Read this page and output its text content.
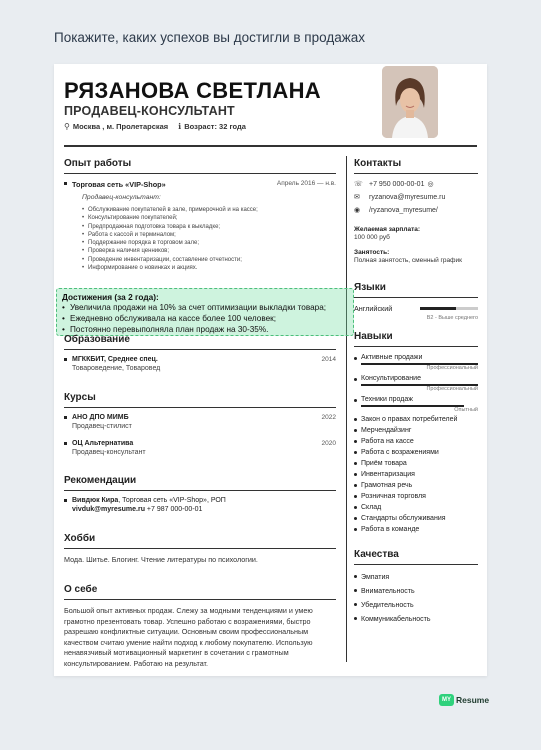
Покажите, каких успехов вы достигли в продажах
РЯЗАНОВА СВЕТЛАНА
ПРОДАВЕЦ-КОНСУЛЬТАНТ
⚲ Москва , м. Пролетарская ℹ Возраст: 32 года
Опыт работы
Торговая сеть «VIP-Shop»	Апрель 2016 — н.в.
Продавец-консультант:
• Обслуживание покупателей в зале, примерочной и на кассе;
• Консультирование покупателей;
• Предпродажная подготовка товара к выкладке;
• Работа с кассой и терминалом;
• Поддержание порядка в торговом зале;
• Проверка наличия ценников;
• Проведение инвентаризации, составление отчетности;
• Информирование о новинках и акциях.
Достижения (за 2 года):
• Увеличила продажи на 10% за счет оптимизации выкладки товара;
• Ежедневно обслуживала на кассе более 100 человек;
• Постоянно перевыполняла план продаж на 30-35%.
Образование
МГККБИТ, Среднее спец.	2014
Товароведение, Товаровед
Курсы
АНО ДПО МИМБ	2022
Продавец-стилист
ОЦ Альтернатива	2020
Продавец-консультант
Рекомендации
Вивдюк Кира, Торговая сеть «VIP-Shop», РОП
vivduk@myresume.ru +7 987 000-00-01
Хобби
Мода. Шитье. Блогинг. Чтение литературы по психологии.
О себе
Большой опыт активных продаж. Слежу за модными тенденциями и умею грамотно презентовать товар. Успешно работаю с возражениями, быстро разрешаю конфликтные ситуации. Основным своим профессиональным качеством считаю умение найти подход к любому покупателю. Использую ненавязчивый мотивационный маркетинг в сочетании с грамотным консультированием. Работаю на результат.
Контакты
☏ +7 950 000-00-01 ◎
✉	ryzanova@myresume.ru
◉	/ryzanova_myresume/
Желаемая зарплата:
100 000 руб
Занятость:
Полная занятость, сменный график
Языки
Английский
B2 - Выше среднего
Навыки
Активные продажи
Профессиональный
Консультирование
Профессиональный
Техники продаж
Опытный
Закон о правах потребителей
Мерчендайзинг
Работа на кассе
Работа с возражениями
Приём товара
Инвентаризация
Грамотная речь
Розничная торговля
Склад
Стандарты обслуживания
Работа в команде
Качества
Эмпатия
Внимательность
Убедительность
Коммуникабельность
MY Resume
